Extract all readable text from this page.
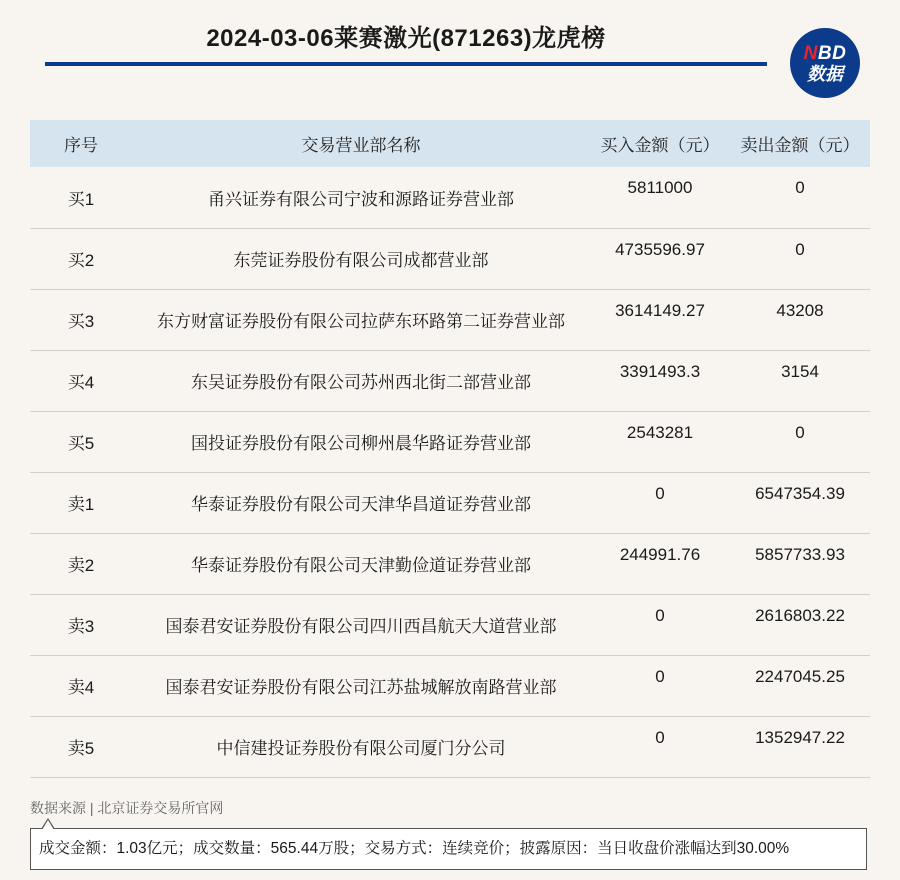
2024-03-06莱赛激光(871263)龙虎榜
NBD
数据
序号	交易营业部名称	买入金额（元）	卖出金额（元）
买1	甬兴证券有限公司宁波和源路证券营业部	5811000	0
买2	东莞证券股份有限公司成都营业部	4735596.97	0
买3	东方财富证券股份有限公司拉萨东环路第二证券营业部	3614149.27	43208
买4	东吴证券股份有限公司苏州西北街二部营业部	3391493.3	3154
买5	国投证券股份有限公司柳州晨华路证券营业部	2543281	0
卖1	华泰证券股份有限公司天津华昌道证券营业部	0	6547354.39
卖2	华泰证券股份有限公司天津勤俭道证券营业部	244991.76	5857733.93
卖3	国泰君安证券股份有限公司四川西昌航天大道营业部	0	2616803.22
卖4	国泰君安证券股份有限公司江苏盐城解放南路营业部	0	2247045.25
卖5	中信建投证券股份有限公司厦门分公司	0	1352947.22
数据来源 | 北京证券交易所官网
成交金额：1.03亿元；成交数量：565.44万股；交易方式：连续竞价；披露原因：当日收盘价涨幅达到30.00%
